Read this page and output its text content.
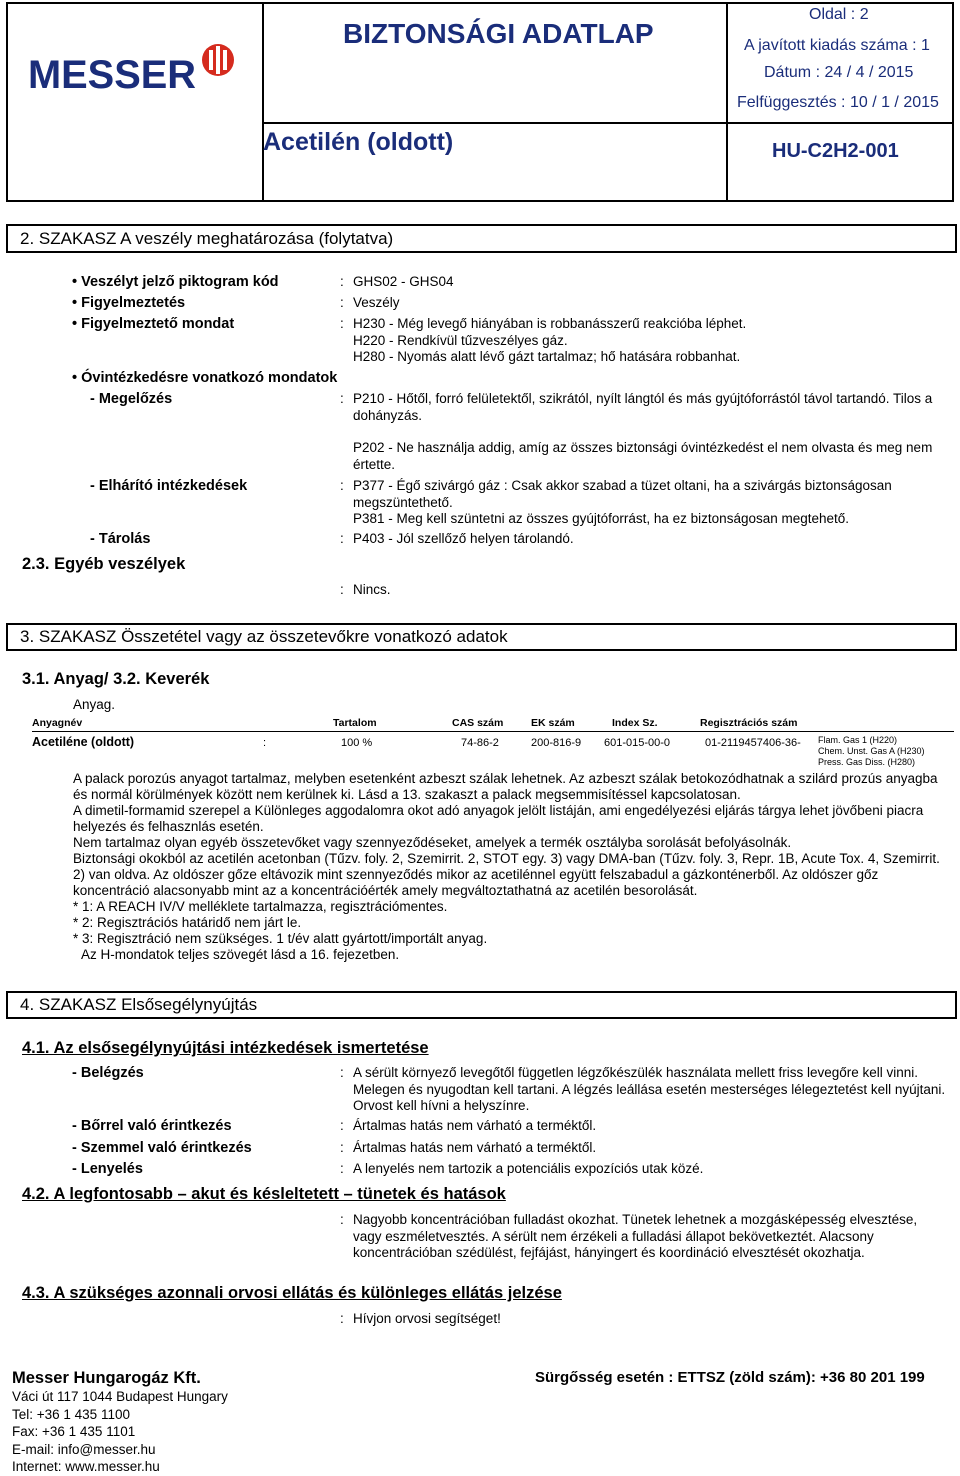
MESSER
BIZTONSÁGI ADATLAP
Oldal : 2
A javított kiadás száma : 1
Dátum : 24 / 4 / 2015
Felfüggesztés : 10 / 1 / 2015
Acetilén (oldott)	HU-C2H2-001
2. SZAKASZ A veszély meghatározása (folytatva)
• Veszélyt jelző piktogram kód	: GHS02 - GHS04
• Figyelmeztetés	: Veszély
• Figyelmeztető mondat	: H230 - Még levegő hiányában is robbanásszerű reakcióba léphet.
H220 - Rendkívül tűzveszélyes gáz.
H280 - Nyomás alatt lévő gázt tartalmaz; hő hatására robbanhat.
• Óvintézkedésre vonatkozó mondatok
- Megelőzés	: P210 - Hőtől, forró felületektől, szikrától, nyílt lángtól és más gyújtóforrástól távol tartandó. Tilos a dohányzás.
P202 - Ne használja addig, amíg az összes biztonsági óvintézkedést el nem olvasta és meg nem értette.
- Elhárító intézkedések	: P377 - Égő szivárgó gáz : Csak akkor szabad a tüzet oltani, ha a szivárgás biztonságosan megszüntethető.
P381 - Meg kell szüntetni az összes gyújtóforrást, ha ez biztonságosan megtehető.
- Tárolás	: P403 - Jól szellőző helyen tárolandó.
2.3. Egyéb veszélyek
: Nincs.
3. SZAKASZ Összetétel vagy az összetevőkre vonatkozó adatok
3.1. Anyag/ 3.2. Keverék
Anyag.
Anyagnév	Tartalom	CAS szám	EK szám	Index Sz.	Regisztrációs szám
Acetiléne (oldott)	:	100 %	74-86-2	200-816-9 601-015-00-0	01-2119457406-36- Flam. Gas 1 (H220)
Chem. Unst. Gas A (H230)
Press. Gas Diss. (H280)
A palack porozús anyagot tartalmaz, melyben esetenként azbeszt szálak lehetnek. Az azbeszt szálak betokozódhatnak a szilárd prozús anyagba és normál körülmények között nem kerülnek ki. Lásd a 13. szakaszt a palack megsemmisítéssel kapcsolatosan.
A dimetil-formamid szerepel a Különleges aggodalomra okot adó anyagok jelölt listáján, ami engedélyezési eljárás tárgya lehet jövőbeni piacra helyezés és felhasznlás esetén.
Nem tartalmaz olyan egyéb összetevőket vagy szennyeződéseket, amelyek a termék osztályba sorolását befolyásolnák.
Biztonsági okokból az acetilén acetonban (Tűzv. foly. 2, Szemirrit. 2, STOT egy. 3) vagy DMA-ban (Tűzv. foly. 3, Repr. 1B, Acute Tox. 4, Szemirrit. 2) van oldva. Az oldószer gőze eltávozik mint szennyeződés mikor az acetilénnel együtt felszabadul a gázkonténerből. Az oldószer gőz koncentráció alacsonyabb mint az a koncentrációérték amely megváltoztathatná az acetilén besorolását.
* 1: A REACH IV/V melléklete tartalmazza, regisztrációmentes.
* 2: Regisztrációs határidő nem járt le.
* 3: Regisztráció nem szükséges. 1 t/év alatt gyártott/importált anyag.
Az H-mondatok teljes szövegét lásd a 16. fejezetben.
4. SZAKASZ Elsősegélynyújtás
4.1. Az elsősegélynyújtási intézkedések ismertetése
- Belégzés	: A sérült környező levegőtől független légzőkészülék használata mellett friss levegőre kell vinni. Melegen és nyugodtan kell tartani. A légzés leállása esetén mesterséges lélegeztetést kell nyújtani. Orvost kell hívni a helyszínre.
- Bőrrel való érintkezés	: Ártalmas hatás nem várható a terméktől.
- Szemmel való érintkezés	: Ártalmas hatás nem várható a terméktől.
- Lenyelés	: A lenyelés nem tartozik a potenciális expozíciós utak közé.
4.2. A legfontosabb – akut és késleltetett – tünetek és hatások
: Nagyobb koncentrációban fulladást okozhat. Tünetek lehetnek a mozgásképesség elvesztése, vagy eszméletvesztés. A sérült nem érzékeli a fulladási állapot bekövetkeztét. Alacsony koncentrációban szédülést, fejfájást, hányingert és koordináció elvesztését okozhatja.
4.3. A szükséges azonnali orvosi ellátás és különleges ellátás jelzése
: Hívjon orvosi segítséget!
Messer Hungarogáz Kft.
Váci út 117 1044 Budapest Hungary
Tel: +36 1 435 1100
Fax: +36 1 435 1101
E-mail: info@messer.hu
Internet: www.messer.hu
Sürgősség esetén : ETTSZ (zöld szám): +36 80 201 199
